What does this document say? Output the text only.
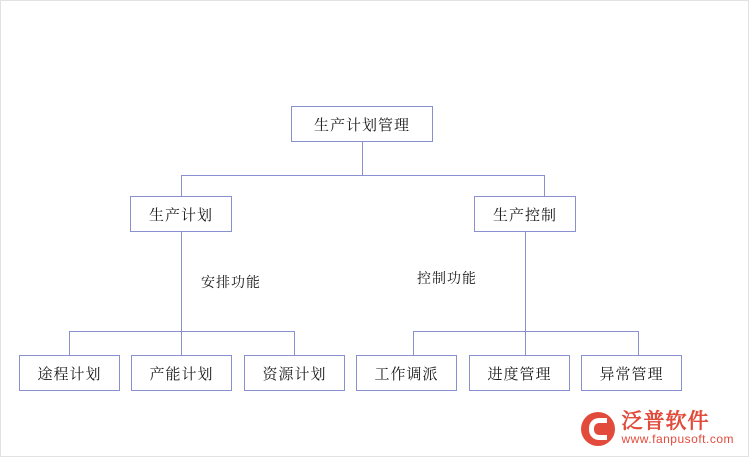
生产计划管理
生产计划	生产控制
安排功能	控制功能
途程计划	产能计划	资源计划	工作调派	进度管理	异常管理
泛普软件
www.fanpusoft.com
